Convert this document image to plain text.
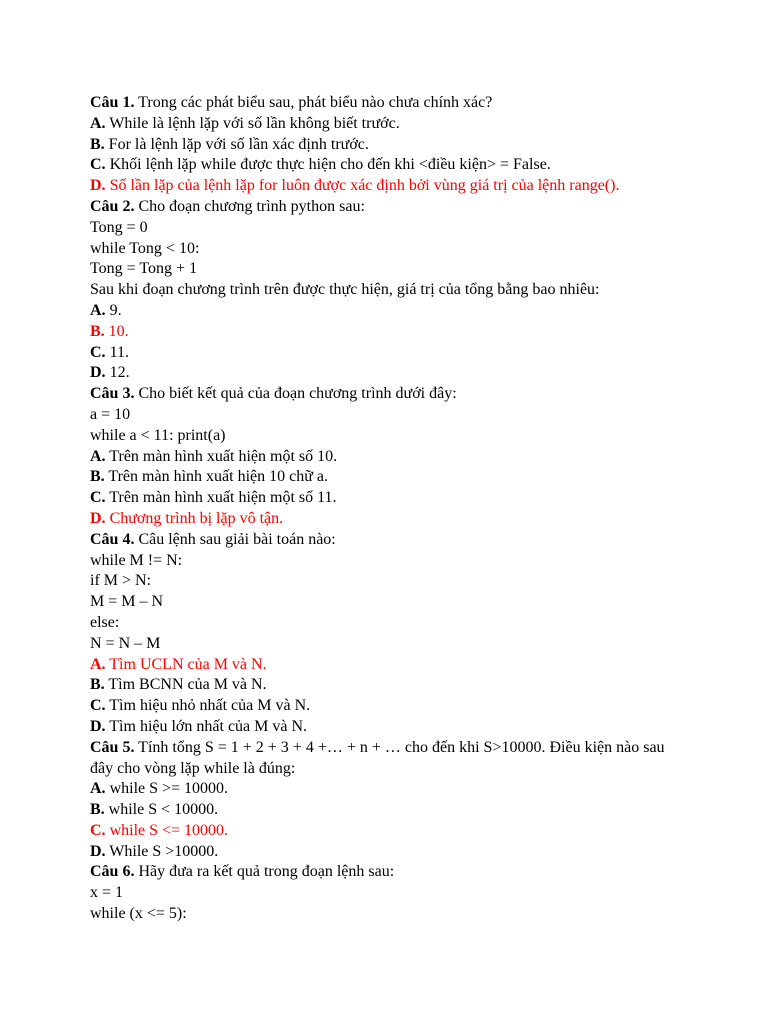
Câu 1. Trong các phát biểu sau, phát biểu nào chưa chính xác?
A. While là lệnh lặp với số lần không biết trước.
B. For là lệnh lặp với số lần xác định trước.
C. Khối lệnh lặp while được thực hiện cho đến khi <điều kiện> = False.
D. Số lần lặp của lệnh lặp for luôn được xác định bởi vùng giá trị của lệnh range().
Câu 2. Cho đoạn chương trình python sau:
Tong = 0
while Tong < 10:
Tong = Tong + 1
Sau khi đoạn chương trình trên được thực hiện, giá trị của tổng bằng bao nhiêu:
A. 9.
B. 10.
C. 11.
D. 12.
Câu 3. Cho biết kết quả của đoạn chương trình dưới đây:
a = 10
while a < 11: print(a)
A. Trên màn hình xuất hiện một số 10.
B. Trên màn hình xuất hiện 10 chữ a.
C. Trên màn hình xuất hiện một số 11.
D. Chương trình bị lặp vô tận.
Câu 4. Câu lệnh sau giải bài toán nào:
while M != N:
if M > N:
M = M – N
else:
N = N – M
A. Tìm UCLN của M và N.
B. Tìm BCNN của M và N.
C. Tìm hiệu nhỏ nhất của M và N.
D. Tìm hiệu lớn nhất của M và N.
Câu 5. Tính tổng S = 1 + 2 + 3 + 4 +… + n + … cho đến khi S>10000. Điều kiện nào sau đây cho vòng lặp while là đúng:
A. while S >= 10000.
B. while S < 10000.
C. while S <= 10000.
D. While S >10000.
Câu 6. Hãy đưa ra kết quả trong đoạn lệnh sau:
x = 1
while (x <= 5):
